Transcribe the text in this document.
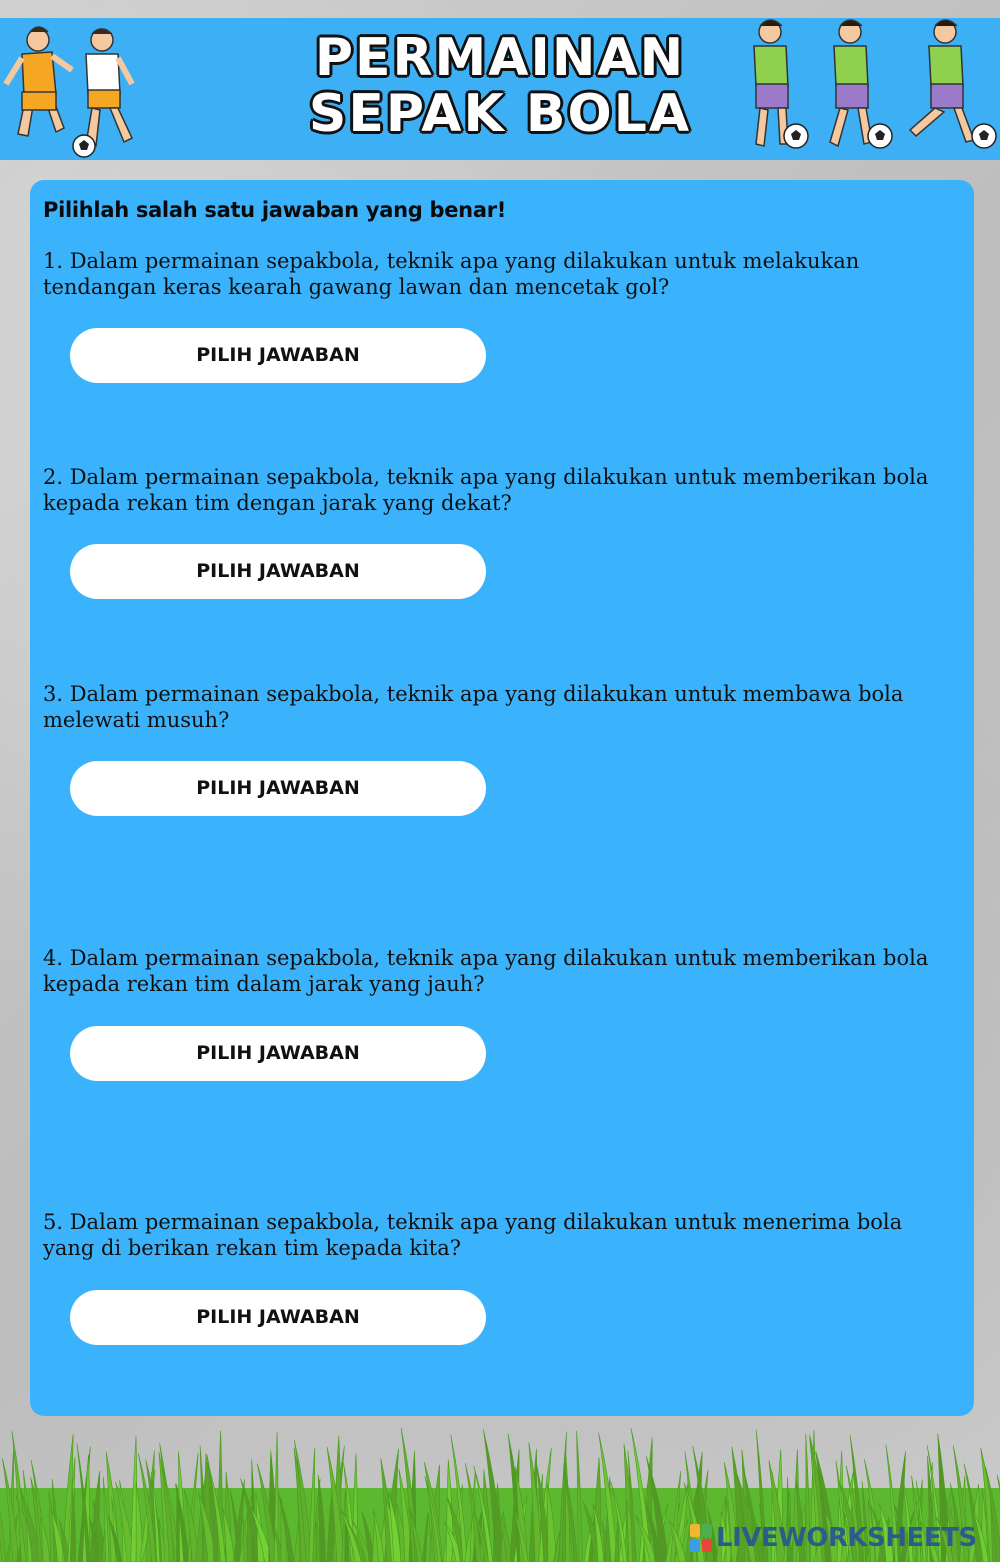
PERMAINAN
SEPAK BOLA
Pilihlah salah satu jawaban yang benar!
1. Dalam permainan sepakbola, teknik apa yang dilakukan untuk melakukan tendangan keras kearah gawang lawan dan mencetak gol?
PILIH JAWABAN
2. Dalam permainan sepakbola, teknik apa yang dilakukan untuk memberikan bola kepada rekan tim dengan jarak yang dekat?
PILIH JAWABAN
3. Dalam permainan sepakbola, teknik apa yang dilakukan untuk membawa bola melewati musuh?
PILIH JAWABAN
4. Dalam permainan sepakbola, teknik apa yang dilakukan untuk memberikan bola kepada rekan tim dalam jarak yang jauh?
PILIH JAWABAN
5. Dalam permainan sepakbola, teknik apa yang dilakukan untuk menerima bola yang di berikan rekan tim kepada kita?
PILIH JAWABAN
LIVEWORKSHEETS
